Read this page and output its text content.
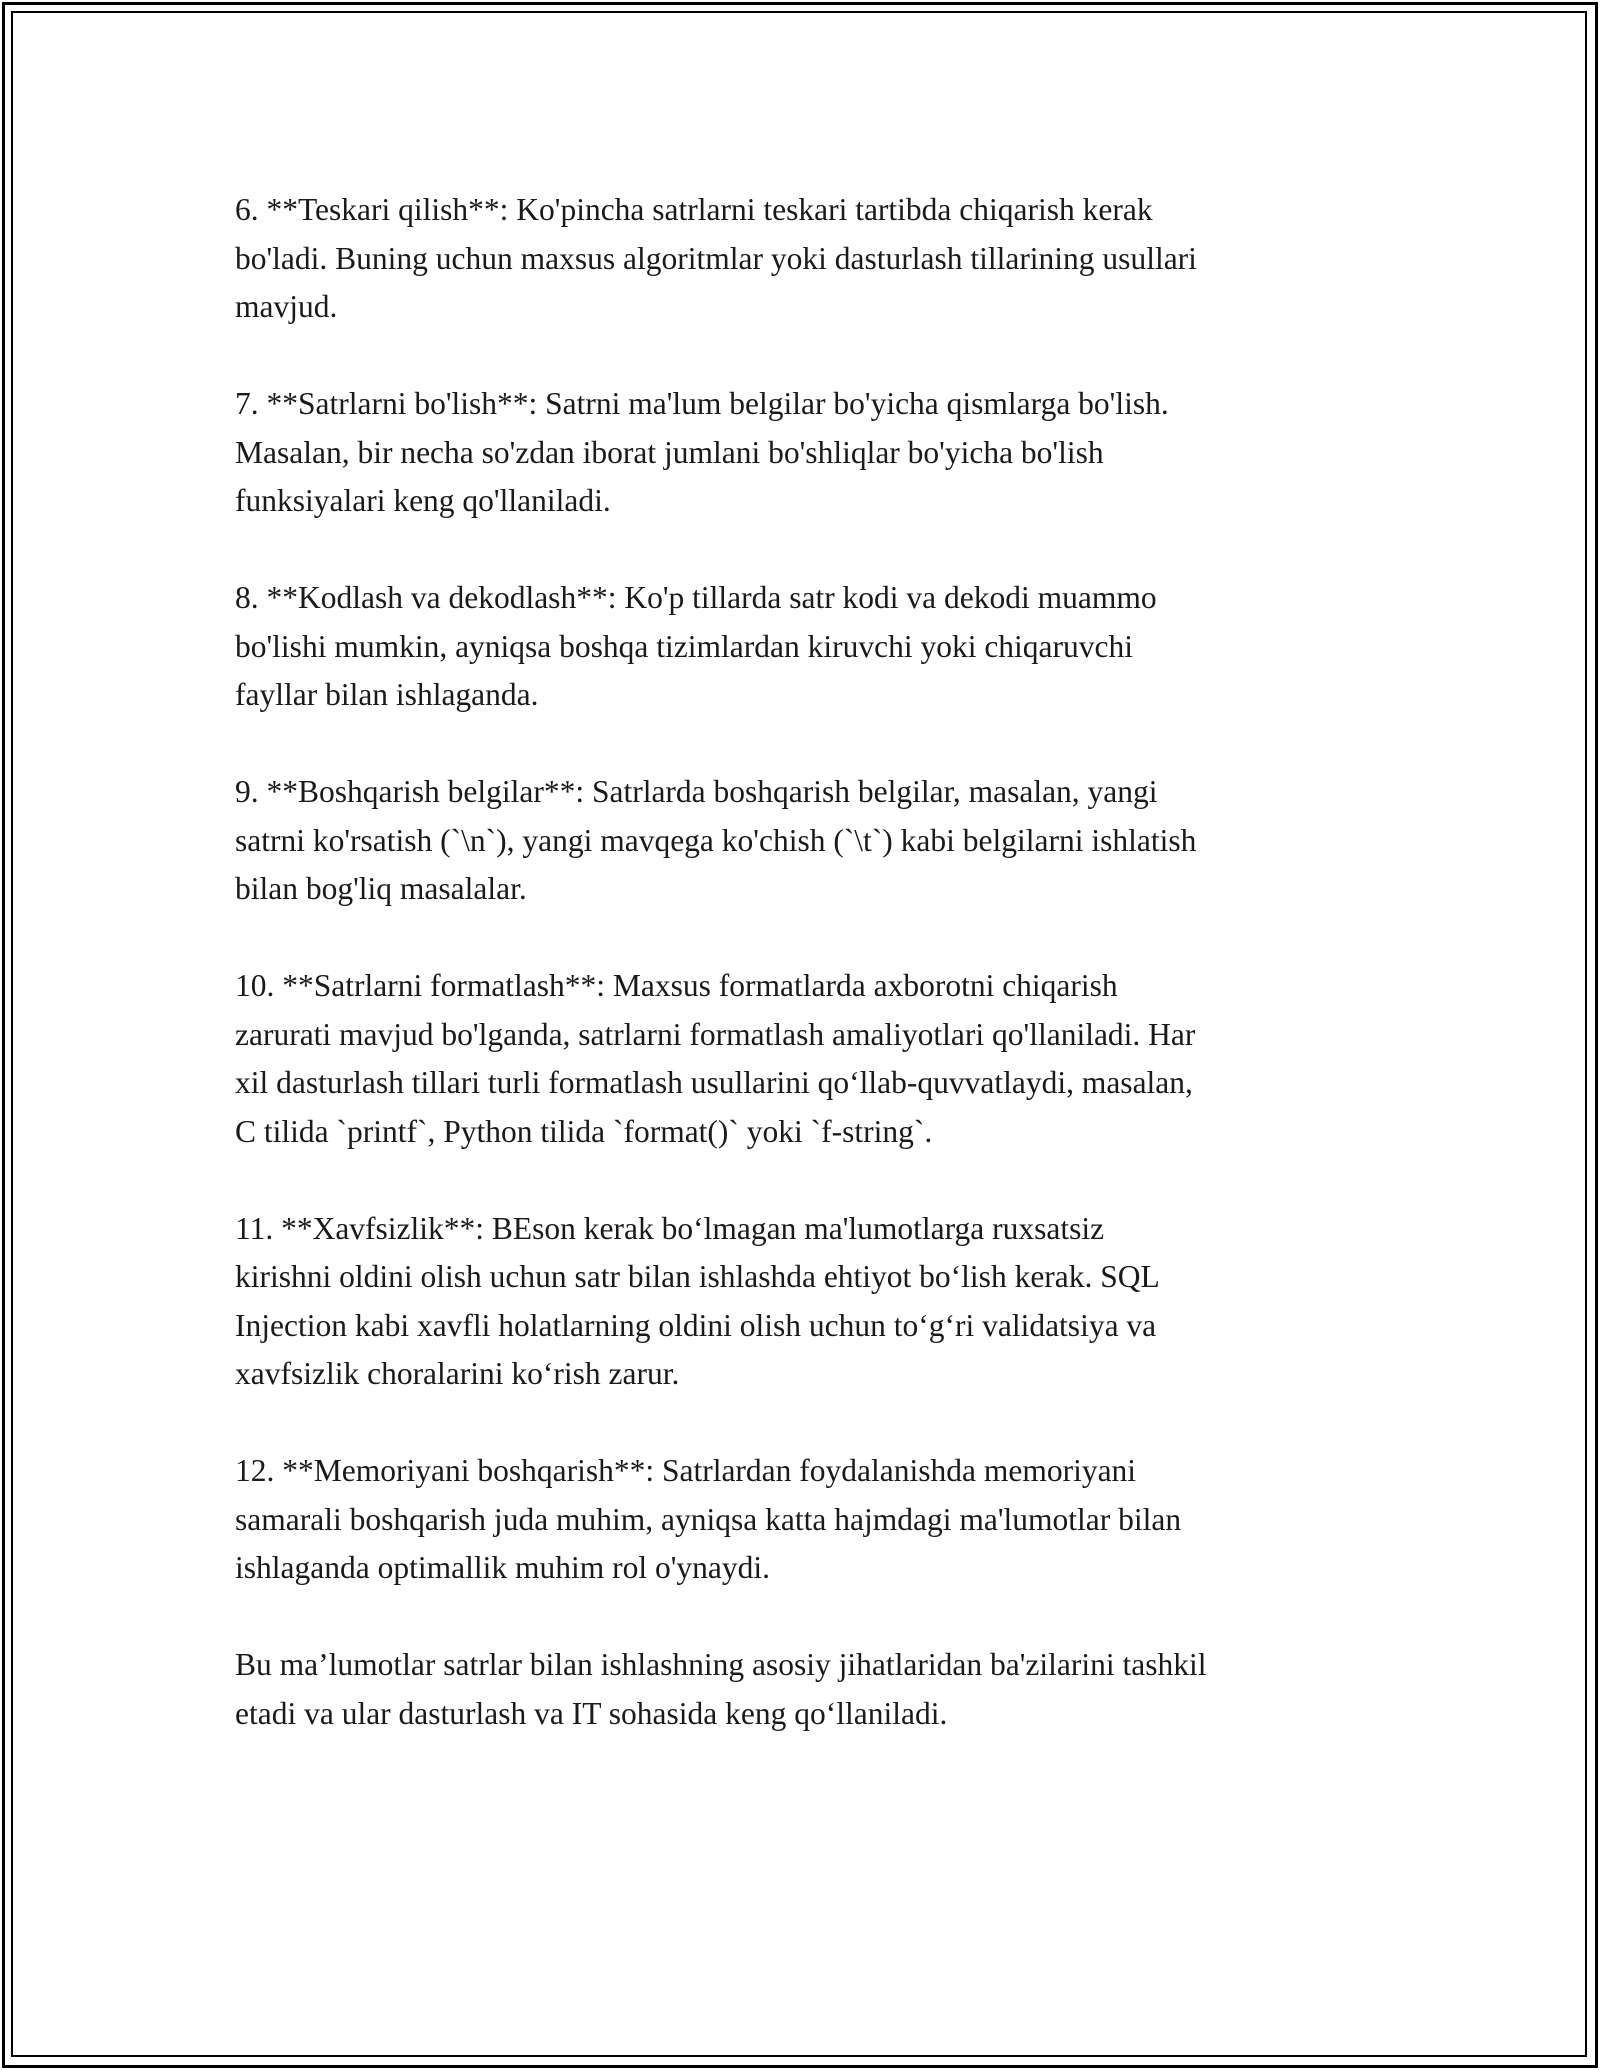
6. **Teskari qilish**: Ko'pincha satrlarni teskari tartibda chiqarish kerak
bo'ladi. Buning uchun maxsus algoritmlar yoki dasturlash tillarining usullari
mavjud.

7. **Satrlarni bo'lish**: Satrni ma'lum belgilar bo'yicha qismlarga bo'lish.
Masalan, bir necha so'zdan iborat jumlani bo'shliqlar bo'yicha bo'lish
funksiyalari keng qo'llaniladi.

8. **Kodlash va dekodlash**: Ko'p tillarda satr kodi va dekodi muammo
bo'lishi mumkin, ayniqsa boshqa tizimlardan kiruvchi yoki chiqaruvchi
fayllar bilan ishlaganda.

9. **Boshqarish belgilar**: Satrlarda boshqarish belgilar, masalan, yangi
satrni ko'rsatish (`\n`), yangi mavqega ko'chish (`\t`) kabi belgilarni ishlatish
bilan bog'liq masalalar.

10. **Satrlarni formatlash**: Maxsus formatlarda axborotni chiqarish
zarurati mavjud bo'lganda, satrlarni formatlash amaliyotlari qo'llaniladi. Har
xil dasturlash tillari turli formatlash usullarini qo‘llab-quvvatlaydi, masalan,
C tilida `printf`, Python tilida `format()` yoki `f-string`.

11. **Xavfsizlik**: BEson kerak bo‘lmagan ma'lumotlarga ruxsatsiz
kirishni oldini olish uchun satr bilan ishlashda ehtiyot bo‘lish kerak. SQL
Injection kabi xavfli holatlarning oldini olish uchun to‘g‘ri validatsiya va
xavfsizlik choralarini ko‘rish zarur.

12. **Memoriyani boshqarish**: Satrlardan foydalanishda memoriyani
samarali boshqarish juda muhim, ayniqsa katta hajmdagi ma'lumotlar bilan
ishlaganda optimallik muhim rol o'ynaydi.

Bu ma’lumotlar satrlar bilan ishlashning asosiy jihatlaridan ba'zilarini tashkil
etadi va ular dasturlash va IT sohasida keng qo‘llaniladi.
